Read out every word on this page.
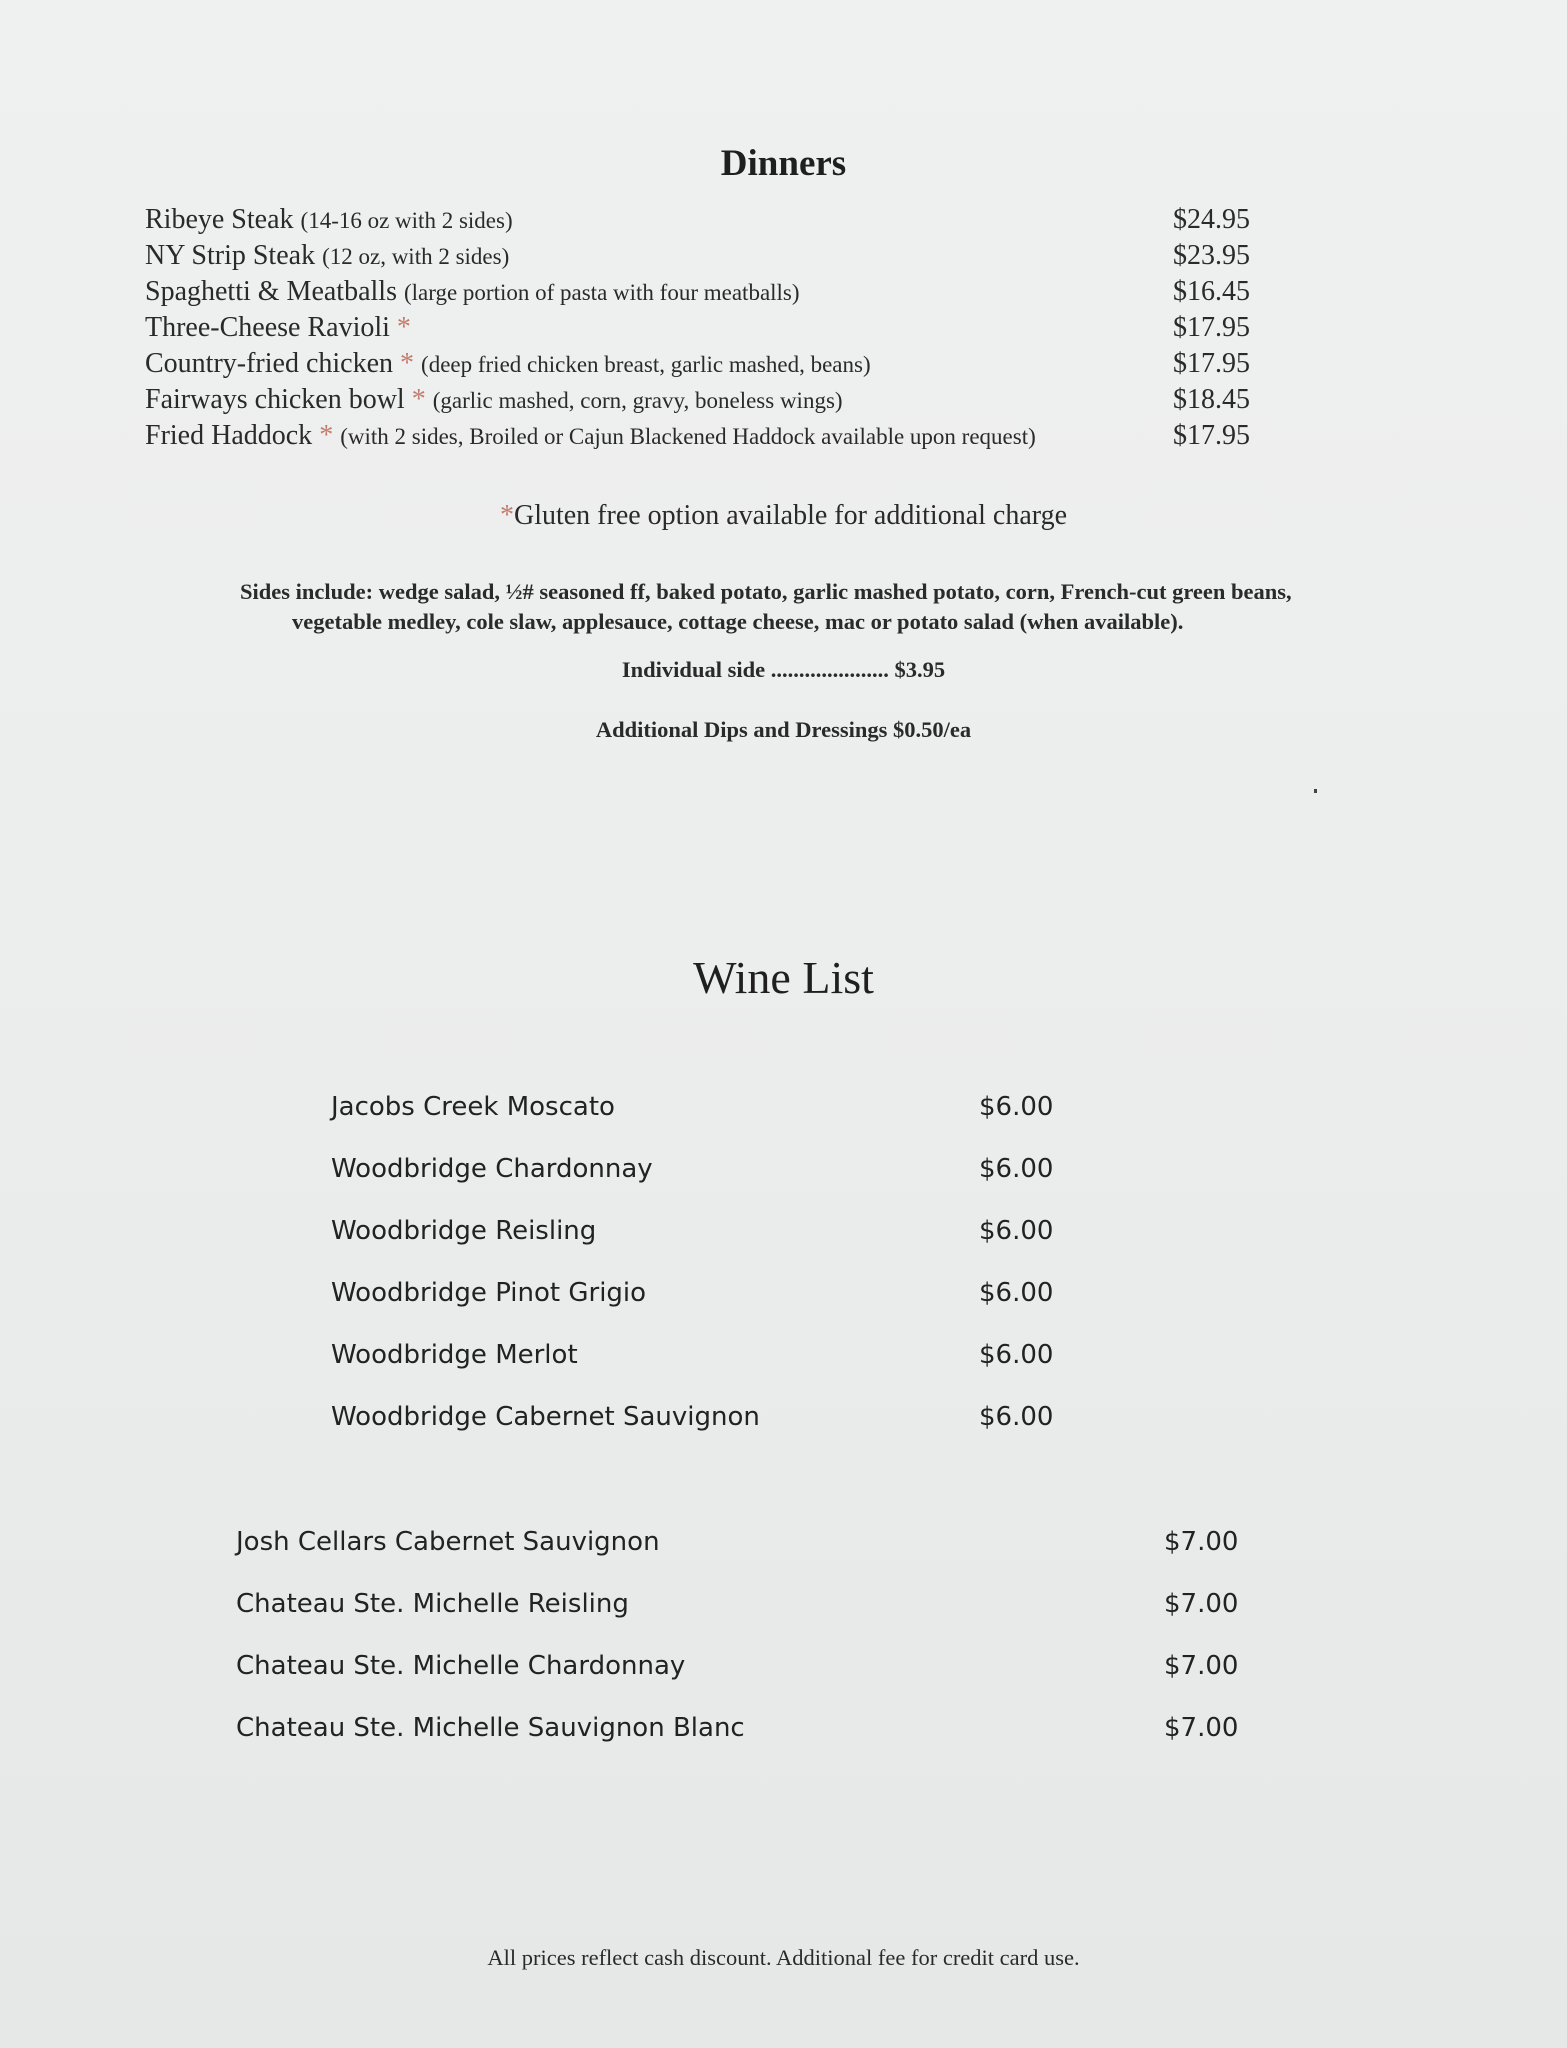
Dinners
Ribeye Steak (14-16 oz with 2 sides)	$24.95
NY Strip Steak (12 oz, with 2 sides)	$23.95
Spaghetti & Meatballs (large portion of pasta with four meatballs)	$16.45
Three-Cheese Ravioli *	$17.95
Country-fried chicken * (deep fried chicken breast, garlic mashed, beans)	$17.95
Fairways chicken bowl * (garlic mashed, corn, gravy, boneless wings)	$18.45
Fried Haddock * (with 2 sides, Broiled or Cajun Blackened Haddock available upon request)	$17.95
*Gluten free option available for additional charge
Sides include: wedge salad, ½# seasoned ff, baked potato, garlic mashed potato, corn, French-cut green beans,
vegetable medley, cole slaw, applesauce, cottage cheese, mac or potato salad (when available).
Individual side ..................... $3.95
Additional Dips and Dressings $0.50/ea
Wine List
Jacobs Creek Moscato	$6.00
Woodbridge Chardonnay	$6.00
Woodbridge Reisling	$6.00
Woodbridge Pinot Grigio	$6.00
Woodbridge Merlot	$6.00
Woodbridge Cabernet Sauvignon	$6.00
Josh Cellars Cabernet Sauvignon	$7.00
Chateau Ste. Michelle Reisling	$7.00
Chateau Ste. Michelle Chardonnay	$7.00
Chateau Ste. Michelle Sauvignon Blanc	$7.00
All prices reflect cash discount. Additional fee for credit card use.
